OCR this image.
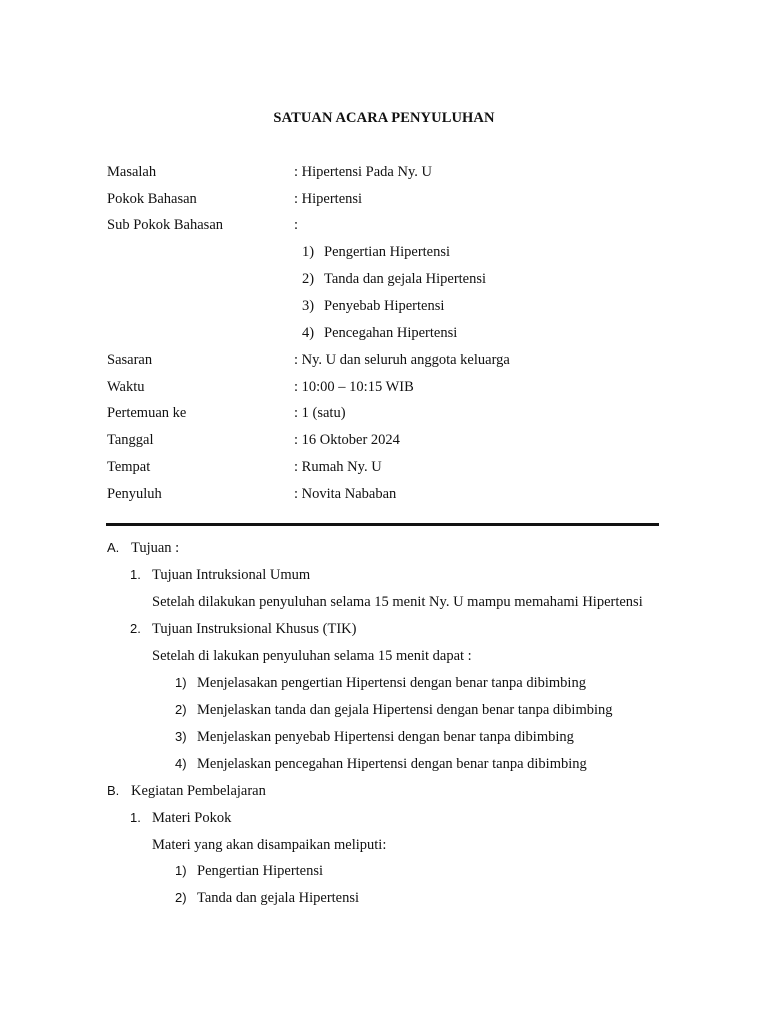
SATUAN ACARA PENYULUHAN
Masalah	: Hipertensi Pada Ny. U
Pokok Bahasan	: Hipertensi
Sub Pokok Bahasan	:
1) Pengertian Hipertensi
2) Tanda dan gejala Hipertensi
3) Penyebab Hipertensi
4) Pencegahan Hipertensi
Sasaran	: Ny. U dan seluruh anggota keluarga
Waktu	: 10:00 – 10:15 WIB
Pertemuan ke	: 1 (satu)
Tanggal	: 16 Oktober 2024
Tempat	: Rumah Ny. U
Penyuluh	: Novita Nababan
A. Tujuan :
1. Tujuan Intruksional Umum
Setelah dilakukan penyuluhan selama 15 menit Ny. U mampu memahami Hipertensi
2. Tujuan Instruksional Khusus (TIK)
Setelah di lakukan penyuluhan selama 15 menit dapat :
1) Menjelasakan pengertian Hipertensi dengan benar tanpa dibimbing
2) Menjelaskan tanda dan gejala Hipertensi dengan benar tanpa dibimbing
3) Menjelaskan penyebab Hipertensi dengan benar tanpa dibimbing
4) Menjelaskan pencegahan Hipertensi dengan benar tanpa dibimbing
B. Kegiatan Pembelajaran
1. Materi Pokok
Materi yang akan disampaikan meliputi:
1) Pengertian Hipertensi
2) Tanda dan gejala Hipertensi
